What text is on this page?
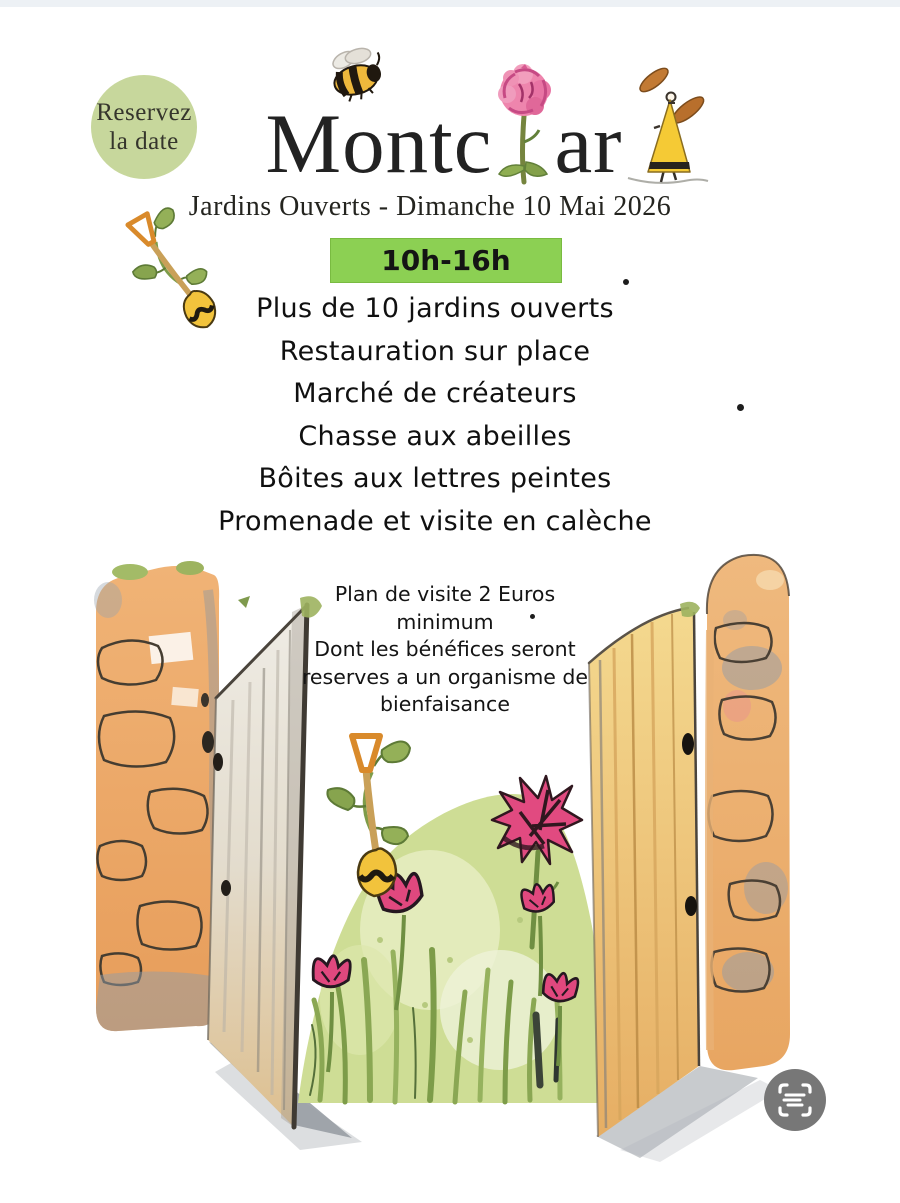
Reservez
la date Montc ar
Jardins Ouverts - Dimanche 10 Mai 2026
10h-16h
Plus de 10 jardins ouverts
Restauration sur place
Marché de créateurs
Chasse aux abeilles
Bôites aux lettres peintes
Promenade et visite en calèche
Plan de visite 2 Euros
minimum
Dont les bénéfices seront
reserves a un organisme de
bienfaisance
